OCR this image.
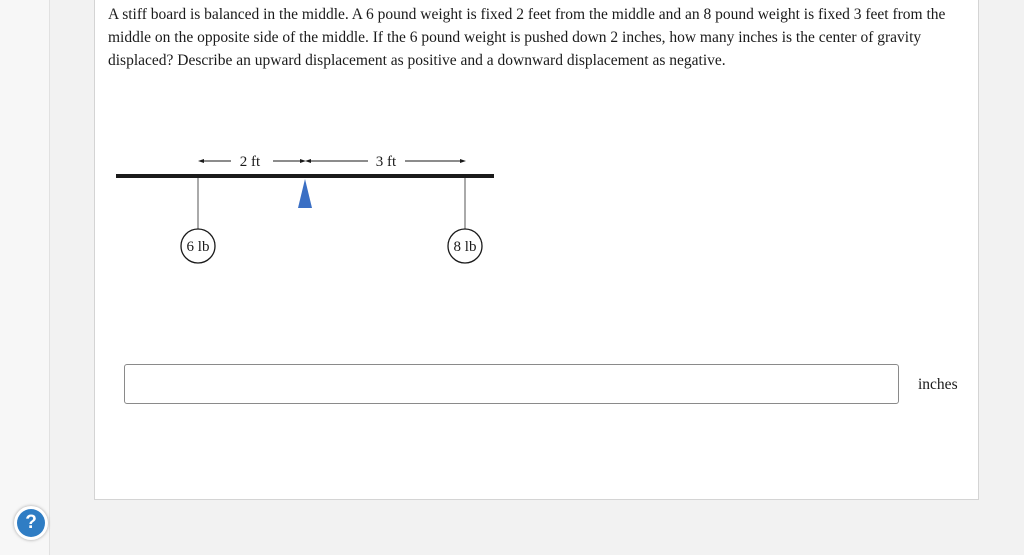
A stiff board is balanced in the middle. A 6 pound weight is fixed 2 feet from the middle and an 8 pound weight is fixed 3 feet from the middle on the opposite side of the middle. If the 6 pound weight is pushed down 2 inches, how many inches is the center of gravity displaced? Describe an upward displacement as positive and a downward displacement as negative.
2 ft	3 ft
6 lb	8 lb
inches
?
